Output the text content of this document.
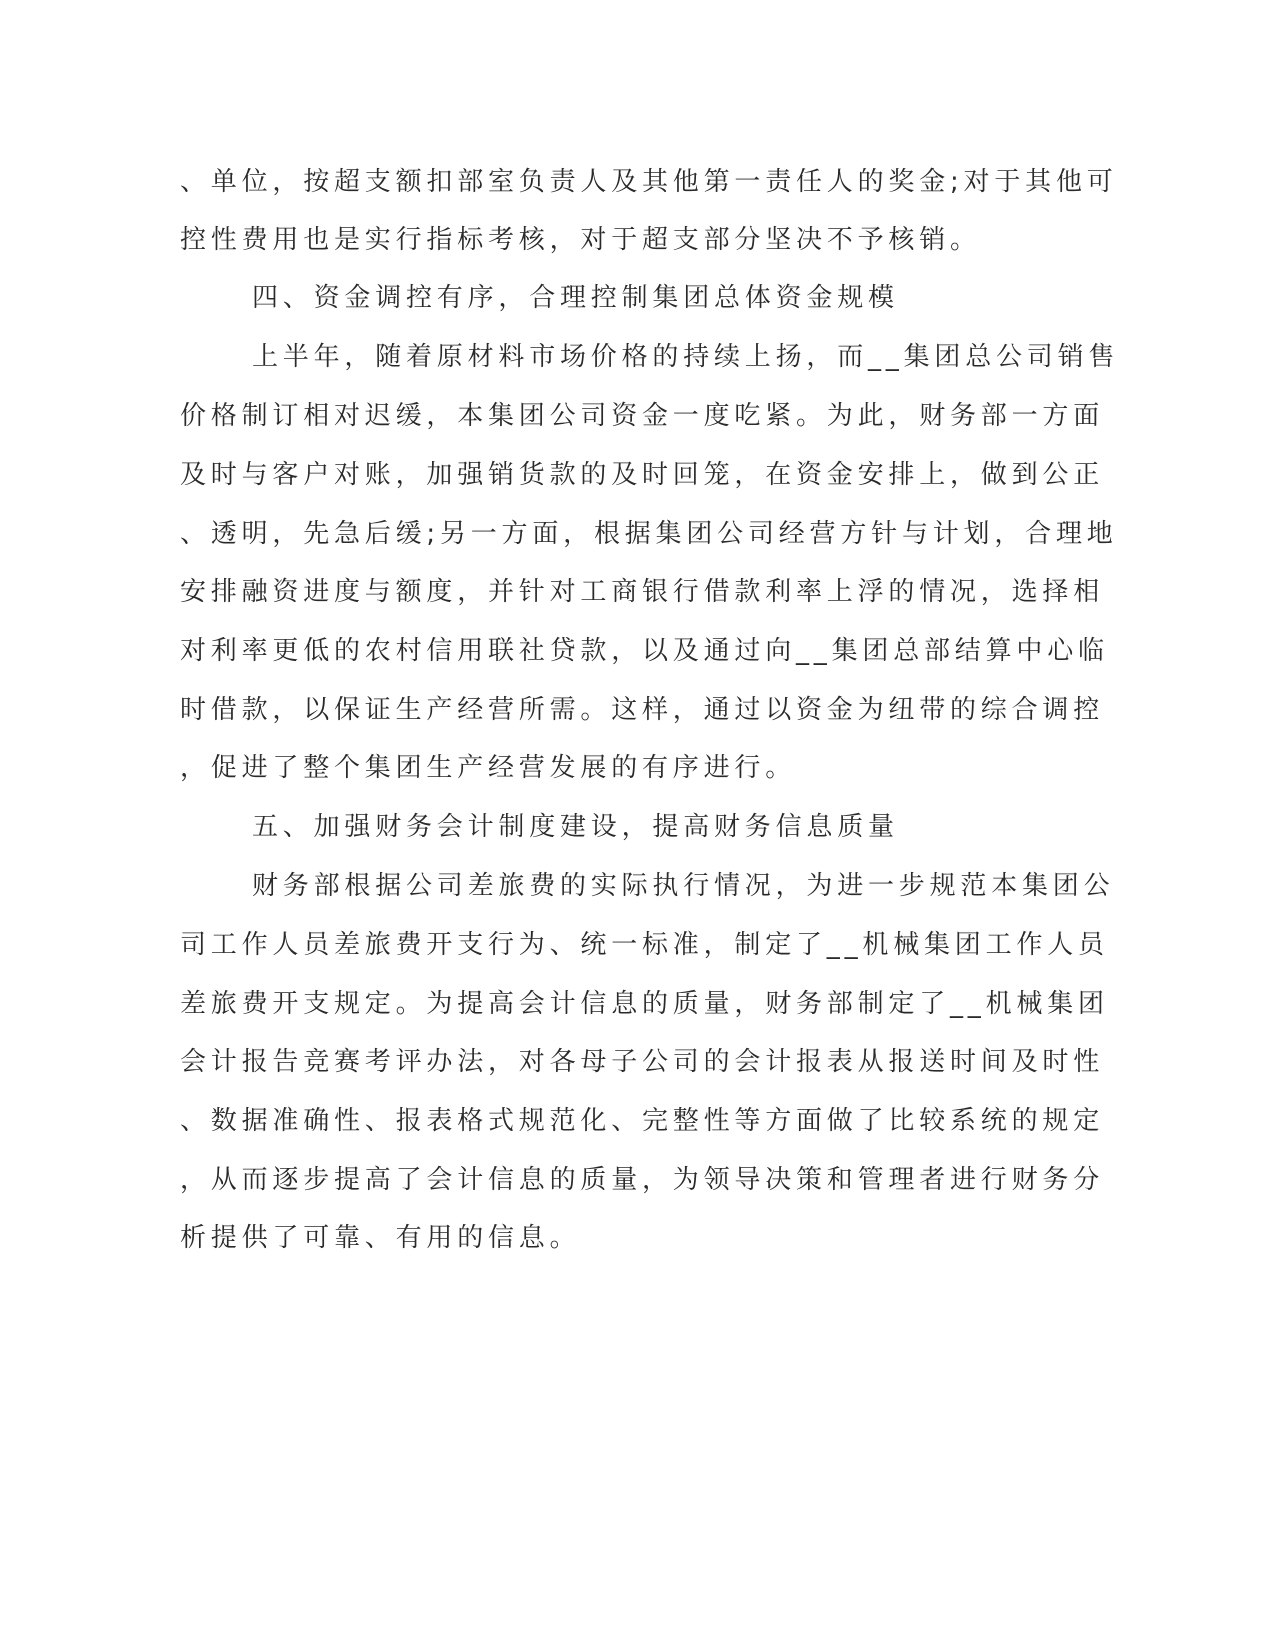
、单位，按超支额扣部室负责人及其他第一责任人的奖金;对于其他可
控性费用也是实行指标考核，对于超支部分坚决不予核销。
四、资金调控有序，合理控制集团总体资金规模
上半年，随着原材料市场价格的持续上扬，而__集团总公司销售
价格制订相对迟缓，本集团公司资金一度吃紧。为此，财务部一方面
及时与客户对账，加强销货款的及时回笼，在资金安排上，做到公正
、透明，先急后缓;另一方面，根据集团公司经营方针与计划，合理地
安排融资进度与额度，并针对工商银行借款利率上浮的情况，选择相
对利率更低的农村信用联社贷款，以及通过向__集团总部结算中心临
时借款，以保证生产经营所需。这样，通过以资金为纽带的综合调控
，促进了整个集团生产经营发展的有序进行。
五、加强财务会计制度建设，提高财务信息质量
财务部根据公司差旅费的实际执行情况，为进一步规范本集团公
司工作人员差旅费开支行为、统一标准，制定了__机械集团工作人员
差旅费开支规定。为提高会计信息的质量，财务部制定了__机械集团
会计报告竞赛考评办法，对各母子公司的会计报表从报送时间及时性
、数据准确性、报表格式规范化、完整性等方面做了比较系统的规定
，从而逐步提高了会计信息的质量，为领导决策和管理者进行财务分
析提供了可靠、有用的信息。
